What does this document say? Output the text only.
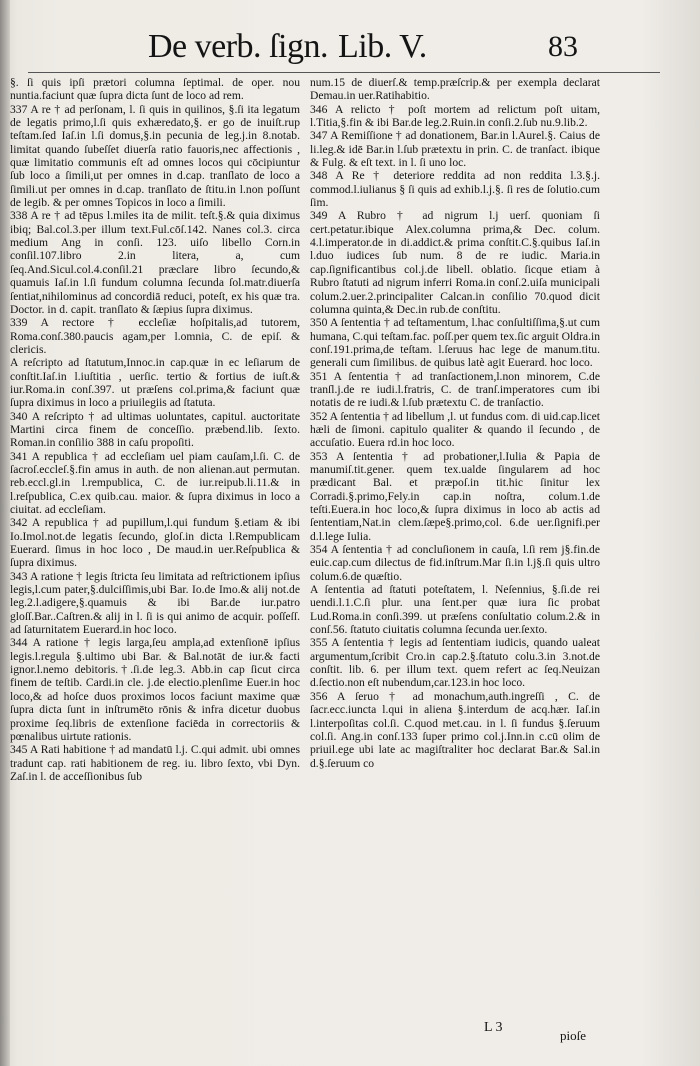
De verb. ſign. Lib. V.	83

§. ſi quis ipſi prætori columna ſeptimal. de oper. nou nuntia.faciunt quæ ſupra dicta ſunt de loco ad rem.

337 A re † ad perſonam, l. ſi quis in quilinos, §.ſi ita legatum de legatis primo,l.ſi quis exhæredato,§. er go de inuiſt.rup teſtam.ſed Iaſ.in l.ſi domus,§.in pecunia de leg.j.in 8.notab. limitat quando ſubeſſet diuerſa ratio fauoris,nec affectionis , quæ limitatio communis eſt ad omnes locos qui cōcipiuntur ſub loco a ſimili,ut per omnes in d.cap. tranſlato de loco a ſimili.ut per omnes in d.cap. tranſlato de ſtitu.in l.non poſſunt de legib. & per omnes Topicos in loco a ſimili.

338 A re † ad tēpus l.miles ita de milit. teſt.§.& quia diximus ibiq; Bal.col.3.per illum text.Ful.cōſ.142. Nanes col.3. circa medium Ang in conſi. 123. uiſo libello Corn.in conſil.107.libro 2.in litera, a, cum ſeq.And.Sicul.col.4.conſil.21 præclare libro ſecundo,& quamuis Iaſ.in l.ſi fundum columna ſecunda ſol.matr.diuerſa ſentiat,nihilominus ad concordiā reduci, poteſt, ex his quæ tra. Doctor. in d. capit. tranſlato & ſæpius ſupra diximus.

339 A rectore † eccleſiæ hoſpitalis,ad tutorem, Roma.conſ.380.paucis agam,per l.omnia, C. de epiſ. & clericis.

A reſcripto ad ſtatutum,Innoc.in cap.quæ in ec leſiarum de conſtit.Iaſ.in l.iuſtitia , uerſic. tertio & fortius de iuſt.& iur.Roma.in conſ.397. ut præſens col.prima,& faciunt quæ ſupra diximus in loco a priuilegiis ad ſtatuta.

340 A reſcripto † ad ultimas uoluntates, capitul. auctoritate Martini circa finem de conceſſio. præbend.lib. ſexto. Roman.in conſilio 388 in caſu propoſiti.

341 A republica † ad eccleſiam uel piam cauſam,l.ſi. C. de ſacroſ.eccleſ.§.fin amus in auth. de non alienan.aut permutan. reb.eccl.gl.in l.rempublica, C. de iur.reipub.li.11.& in l.reſpublica, C.ex quib.cau. maior. & ſupra diximus in loco a ciuitat. ad eccleſiam.

342 A republica † ad pupillum,l.qui fundum §.etiam & ibi Io.Imol.not.de legatis ſecundo, gloſ.in dicta l.Rempublicam Euerard. ſimus in hoc loco , De maud.in uer.Reſpublica & ſupra diximus.

343 A ratione † legis ſtricta ſeu limitata ad reſtrictionem ipſius legis,l.cum pater,§.dulciſſimis,ubi Bar. Io.de Imo.& alij not.de leg.2.l.adigere,§.quamuis & ibi Bar.de iur.patro gloſſ.Bar..Caſtren.& alij in l. ſi is qui animo de acquir. poſſeſſ. ad ſaturnitatem Euerard.in hoc loco.

344 A ratione † legis larga,ſeu ampla,ad extenſionē ipſius legis.l.regula §.ultimo ubi Bar. & Bal.notāt de iur.& facti ignor.l.nemo debitoris.†.ſi.de leg.3. Abb.in cap ſicut circa finem de teſtib. Cardi.in cle. j.de electio.plenſime Euer.in hoc loco,& ad hoſce duos proximos locos faciunt maxime quæ ſupra dicta ſunt in inſtrumēto rōnis & infra dicetur duobus proxime ſeq.libris de extenſione faciēda in correctoriis & pœnalibus uirtute rationis.

345 A Rati habitione † ad mandatū l.j. C.qui admit. ubi omnes tradunt cap. rati habitionem de reg. iu. libro ſexto, vbi Dyn. Zaſ.in l. de acceſſionibus ſub

num.15 de diuerſ.& temp.præſcrip.& per exempla declarat Demau.in uer.Ratihabitio.

346 A relicto † poſt mortem ad relictum poſt uitam, l.Titia,§.fin & ibi Bar.de leg.2.Ruin.in conſi.2.ſub nu.9.lib.2.

347 A Remiſſione † ad donationem, Bar.in l.Aurel.§. Caius de li.leg.& idē Bar.in l.ſub prætextu in prin. C. de tranſact. ibique & Fulg. & eſt text. in l. ſi uno loc.

348 A Re † deteriore reddita ad non reddita l.3.§.j. commod.l.iulianus § ſi quis ad exhib.l.j.§. ſi res de ſolutio.cum ſim.

349 A Rubro † ad nigrum l.j uerſ. quoniam ſi cert.petatur.ibique Alex.columna prima,& Dec. colum. 4.l.imperator.de in di.addict.& prima conſtit.C.§.quibus Iaſ.in l.duo iudices ſub num. 8 de re iudic. Maria.in cap.ſignificantibus col.j.de libell. oblatio. ſicque etiam à Rubro ſtatuti ad nigrum inferri Roma.in conſ.2.uiſa municipali colum.2.uer.2.principaliter Calcan.in conſilio 70.quod dicit columna quinta,& Dec.in rub.de conſtitu.

350 A ſententia † ad teſtamentum, l.hac conſultiſſima,§.ut cum humana, C.qui teſtam.fac. poſſ.per quem tex.ſic arguit Oldra.in conſ.191.prima,de teſtam. l.ſeruus hac lege de manum.titu. generali cum ſimilibus. de quibus latè agit Euerard. hoc loco.

351 A ſententia † ad tranſactionem,l.non minorem, C.de tranſl.j.de re iudi.l.fratris, C. de tranſ.imperatores cum ibi notatis de re iudi.& l.ſub prætextu C. de tranſactio.

352 A ſententia † ad libellum ,l. ut fundus com. di uid.cap.licet hæli de ſimoni. capitulo qualiter & quando il ſecundo , de accuſatio. Euera rd.in hoc loco.

353 A ſententia † ad probationer,l.Iulia & Papia de manumiſ.tit.gener. quem tex.ualde ſingularem ad hoc prædicant Bal. et præpoſ.in tit.hic ſinitur lex Corradi.§.primo,Fely.in cap.in noſtra, colum.1.de teſti.Euera.in hoc loco,& ſupra diximus in loco ab actis ad ſententiam,Nat.in clem.ſæpe§.primo,col. 6.de uer.ſignifi.per d.l.lege Iulia.

354 A ſententia † ad concluſionem in cauſa, l.ſi rem j§.fin.de euic.cap.cum dilectus de fid.inſtrum.Mar ſi.in l.j§.ſi quis ultro colum.6.de quæſtio.

A ſententia ad ſtatuti poteſtatem, l. Neſennius, §.ſi.de rei uendi.l.1.C.ſi plur. una ſent.per quæ iura ſic probat Lud.Roma.in conſi.399. ut præſens conſultatio colum.2.& in conſ.56. ſtatuto ciuitatis columna ſecunda uer.ſexto.

355 A ſententia † legis ad ſententiam iudicis, quando ualeat argumentum,ſcribit Cro.in cap.2.§.ſtatuto colu.3.in 3.not.de conſtit. lib. 6. per illum text. quem refert ac ſeq.Neuizan d.ſectio.non eſt nubendum,car.123.in hoc loco.

356 A ſeruo † ad monachum,auth.ingreſſi , C. de ſacr.ecc.iuncta l.qui in aliena §.interdum de acq.hær. Iaſ.in l.interpoſitas col.ſi. C.quod met.cau. in l. ſi fundus §.ſeruum col.ſi. Ang.in conſ.133 ſuper primo col.j.Inn.in c.cū olim de priuil.ege ubi late ac magiſtraliter hoc declarat Bar.& Sal.in d.§.ſeruum co

L 3
pioſe
